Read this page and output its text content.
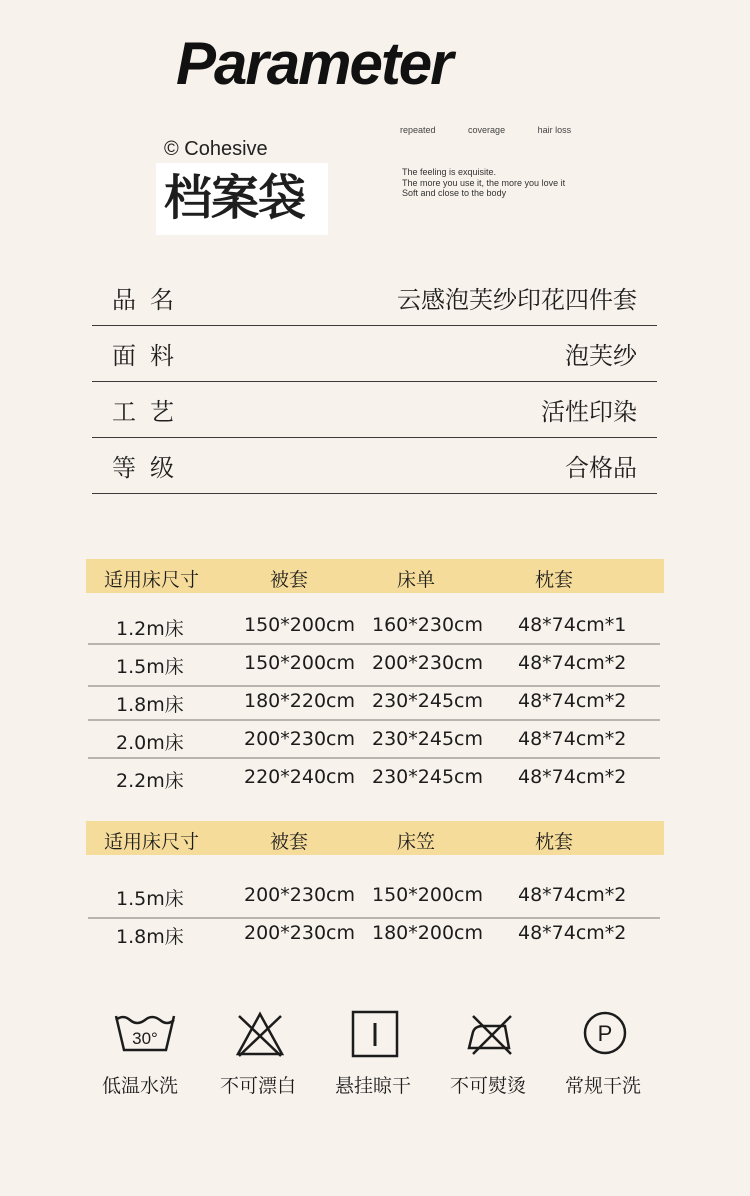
Parameter
© Cohesive
档案袋
repeated	coverage	hair loss
The feeling is exquisite.
The more you use it, the more you love it
Soft and close to the body
品名	云感泡芙纱印花四件套
面料	泡芙纱
工艺	活性印染
等级	合格品
适用床尺寸	被套	床单	枕套
1.2m床	150*200cm 160*230cm 48*74cm*1
1.5m床	150*200cm 200*230cm 48*74cm*2
1.8m床	180*220cm 230*245cm 48*74cm*2
2.0m床	200*230cm 230*245cm 48*74cm*2
2.2m床	220*240cm 230*245cm 48*74cm*2
适用床尺寸	被套	床笠	枕套
1.5m床	200*230cm 150*200cm 48*74cm*2
1.8m床	200*230cm 180*200cm 48*74cm*2
30°	P
低温水洗 不可漂白 悬挂晾干 不可熨烫 常规干洗
